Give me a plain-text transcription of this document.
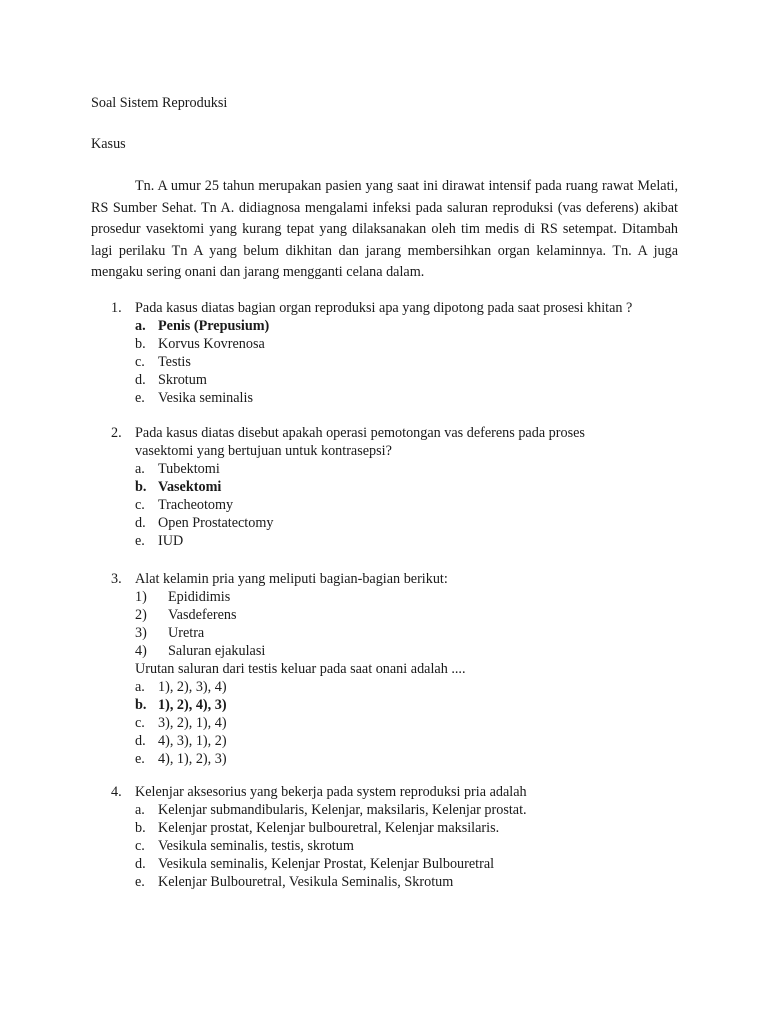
Soal Sistem Reproduksi
Kasus

Tn. A umur 25 tahun merupakan pasien yang saat ini dirawat intensif pada ruang rawat Melati, RS Sumber Sehat. Tn A. didiagnosa mengalami infeksi pada saluran reproduksi (vas deferens) akibat prosedur vasektomi yang kurang tepat yang dilaksanakan oleh tim medis di RS setempat. Ditambah lagi perilaku Tn A yang belum dikhitan dan jarang membersihkan organ kelaminnya. Tn. A juga mengaku sering onani dan jarang mengganti celana dalam.

1. Pada kasus diatas bagian organ reproduksi apa yang dipotong pada saat prosesi khitan ?
a. Penis (Prepusium)
b. Korvus Kovrenosa
c. Testis
d. Skrotum
e. Vesika seminalis
2. Pada kasus diatas disebut apakah operasi pemotongan vas deferens pada proses
vasektomi yang bertujuan untuk kontrasepsi?
a. Tubektomi
b. Vasektomi
c. Tracheotomy
d. Open Prostatectomy
e. IUD
3. Alat kelamin pria yang meliputi bagian-bagian berikut:
1) Epididimis
2) Vasdeferens
3) Uretra
4) Saluran ejakulasi
Urutan saluran dari testis keluar pada saat onani adalah ....
a. 1), 2), 3), 4)
b. 1), 2), 4), 3)
c. 3), 2), 1), 4)
d. 4), 3), 1), 2)
e. 4), 1), 2), 3)
4. Kelenjar aksesorius yang bekerja pada system reproduksi pria adalah
a. Kelenjar submandibularis, Kelenjar, maksilaris, Kelenjar prostat.
b. Kelenjar prostat, Kelenjar bulbouretral, Kelenjar maksilaris.
c. Vesikula seminalis, testis, skrotum
d. Vesikula seminalis, Kelenjar Prostat, Kelenjar Bulbouretral
e. Kelenjar Bulbouretral, Vesikula Seminalis, Skrotum
